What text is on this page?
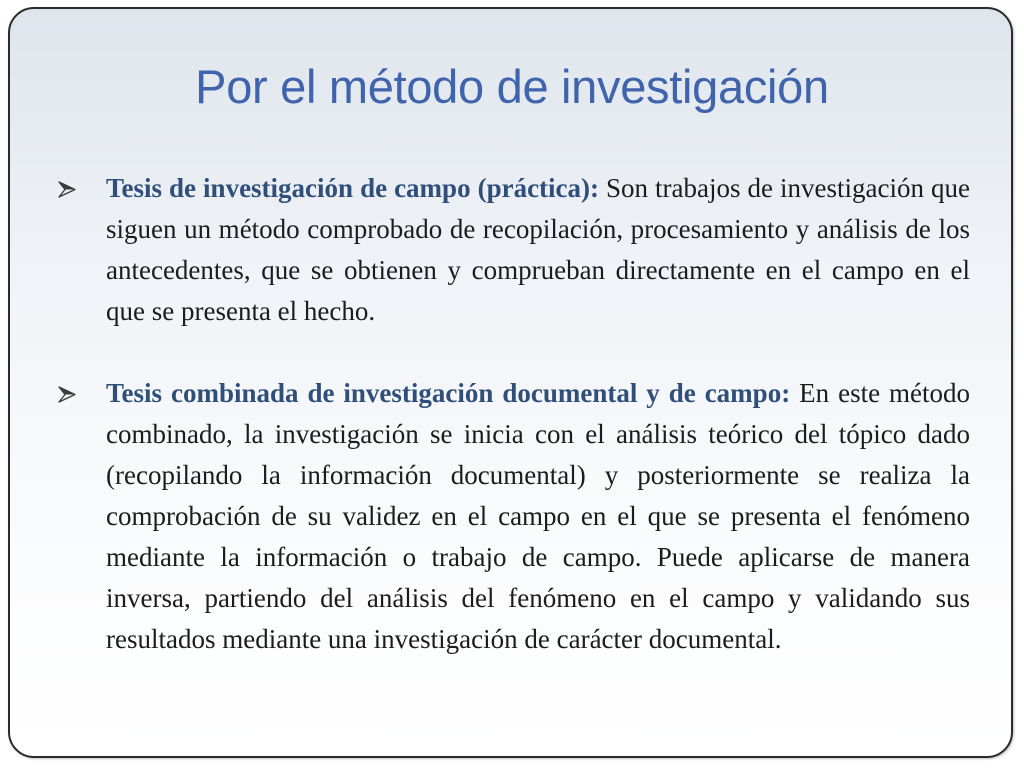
Por el método de investigación
Tesis de investigación de campo (práctica): Son trabajos de investigación que siguen un método comprobado de recopilación, procesamiento y análisis de los antecedentes, que se obtienen y comprueban directamente en el campo en el que se presenta el hecho.
Tesis combinada de investigación documental y de campo: En este método combinado, la investigación se inicia con el análisis teórico del tópico dado (recopilando la información documental) y posteriormente se realiza la comprobación de su validez en el campo en el que se presenta el fenómeno mediante la información o trabajo de campo. Puede aplicarse de manera inversa, partiendo del análisis del fenómeno en el campo y validando sus resultados mediante una investigación de carácter documental.
